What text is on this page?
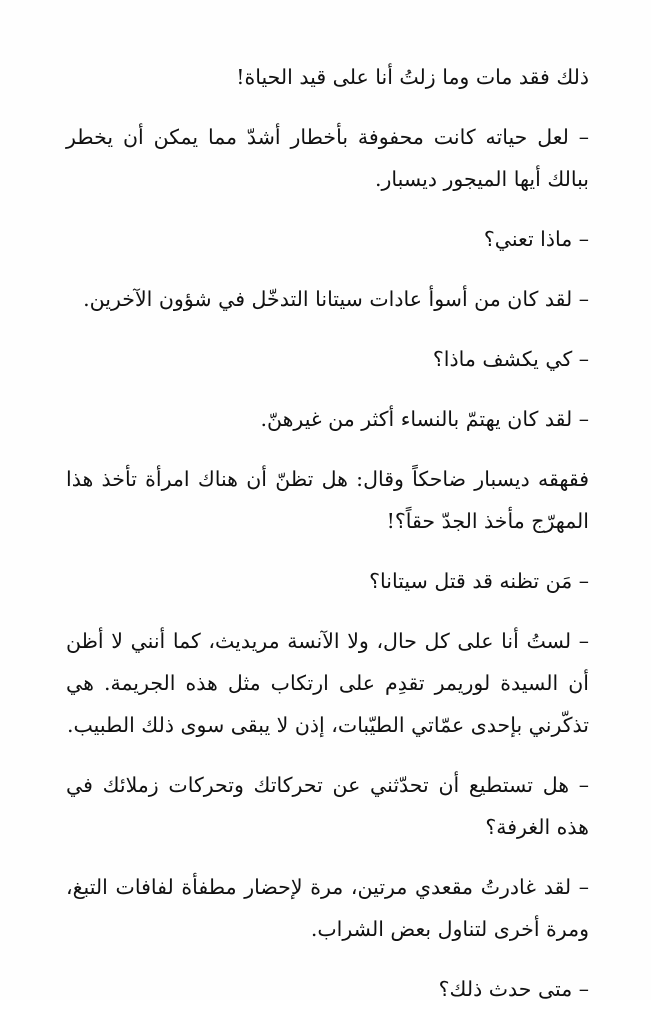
ذلك فقد مات وما زلتُ أنا على قيد الحياة!

– لعل حياته كانت محفوفة بأخطار أشدّ مما يمكن أن يخطر ببالك أيها الميجور ديسبار.

– ماذا تعني؟

– لقد كان من أسوأ عادات سيتانا التدخّل في شؤون الآخرين.

– كي يكشف ماذا؟

– لقد كان يهتمّ بالنساء أكثر من غيرهنّ.

فقهقه ديسبار ضاحكاً وقال: هل تظنّ أن هناك امرأة تأخذ هذا المهرّج مأخذ الجدّ حقاً؟!

– مَن تظنه قد قتل سيتانا؟

– لستُ أنا على كل حال، ولا الآنسة مريديث، كما أنني لا أظن أن السيدة لوريمر تقدِم على ارتكاب مثل هذه الجريمة. هي تذكّرني بإحدى عمّاتي الطيّبات، إذن لا يبقى سوى ذلك الطبيب.

– هل تستطيع أن تحدّثني عن تحركاتك وتحركات زملائك في هذه الغرفة؟

– لقد غادرتُ مقعدي مرتين، مرة لإحضار مطفأة لفافات التبغ، ومرة أخرى لتناول بعض الشراب.

– متى حدث ذلك؟
